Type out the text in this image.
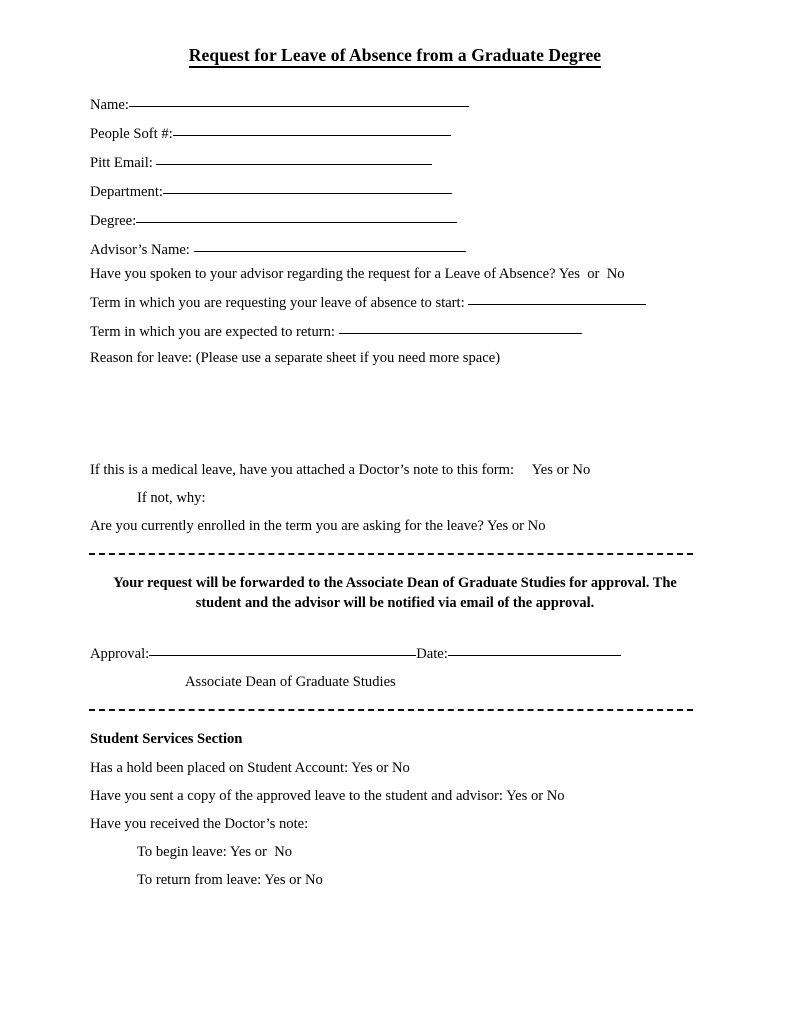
Request for Leave of Absence from a Graduate Degree
Name:
People Soft #:
Pitt Email:
Department:
Degree:
Advisor’s Name:
Have you spoken to your advisor regarding the request for a Leave of Absence? Yes  or  No
Term in which you are requesting your leave of absence to start:
Term in which you are expected to return:
Reason for leave: (Please use a separate sheet if you need more space)
If this is a medical leave, have you attached a Doctor’s note to this form:     Yes or No
If not, why:
Are you currently enrolled in the term you are asking for the leave? Yes or No
Your request will be forwarded to the Associate Dean of Graduate Studies for approval. The
student and the advisor will be notified via email of the approval.
Approval:	Date:
Associate Dean of Graduate Studies
Student Services Section
Has a hold been placed on Student Account: Yes or No
Have you sent a copy of the approved leave to the student and advisor: Yes or No
Have you received the Doctor’s note:
To begin leave: Yes or  No
To return from leave: Yes or No
